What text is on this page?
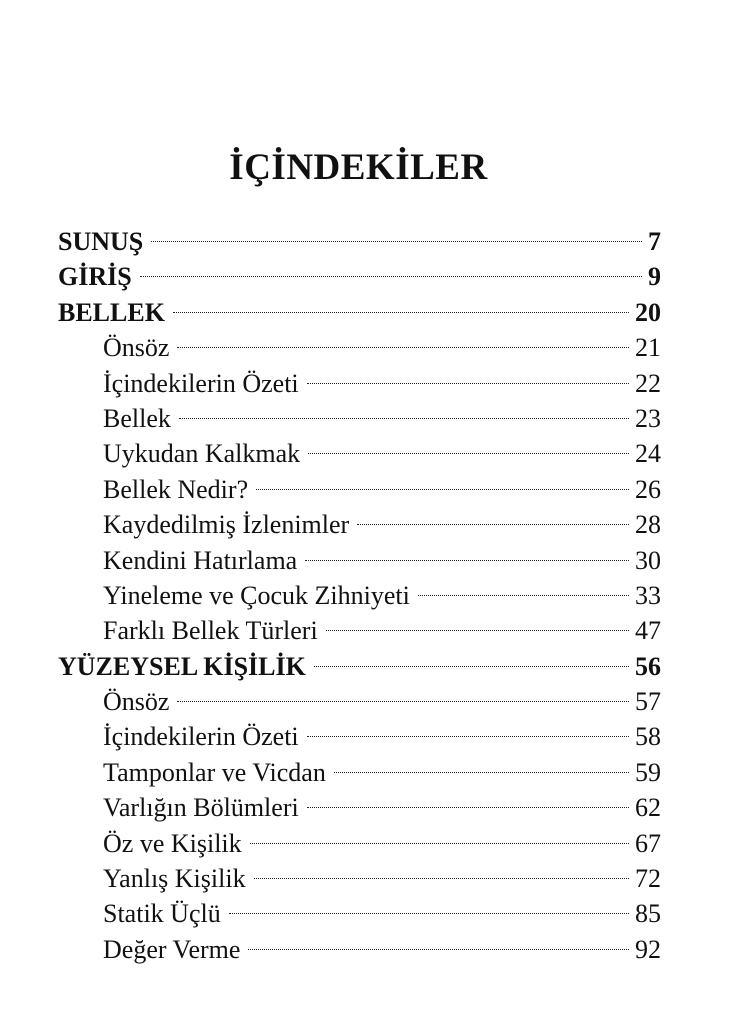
İÇİNDEKİLER
SUNUŞ	7
GİRİŞ	9
BELLEK	20
Önsöz	21
İçindekilerin Özeti	22
Bellek	23
Uykudan Kalkmak	24
Bellek Nedir?	26
Kaydedilmiş İzlenimler	28
Kendini Hatırlama	30
Yineleme ve Çocuk Zihniyeti	33
Farklı Bellek Türleri	47
YÜZEYSEL KİŞİLİK	56
Önsöz	57
İçindekilerin Özeti	58
Tamponlar ve Vicdan	59
Varlığın Bölümleri	62
Öz ve Kişilik	67
Yanlış Kişilik	72
Statik Üçlü	85
Değer Verme	92
